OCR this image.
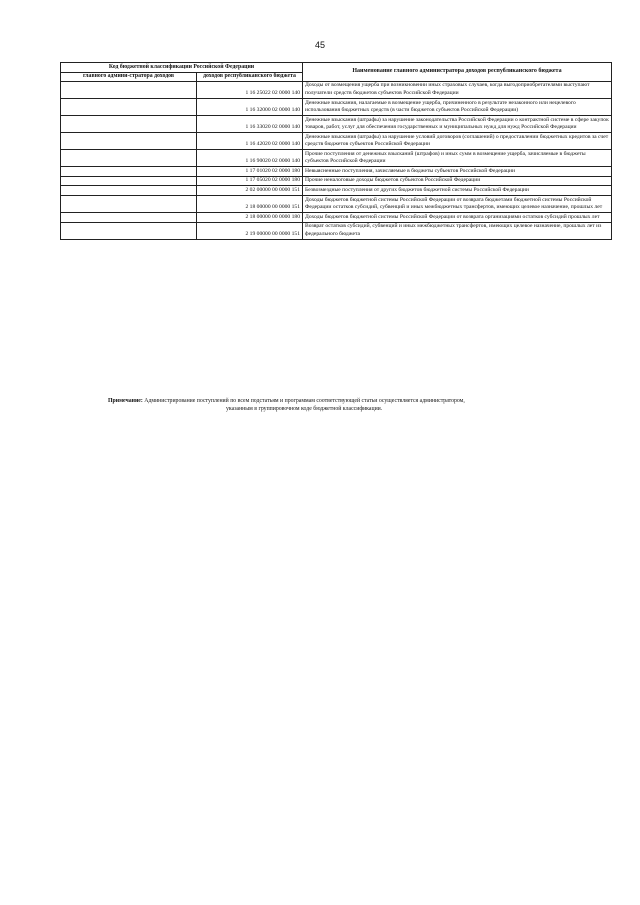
45
Код бюджетной классификации Российской Федерации		Наименование главного администратора доходов республиканского бюджета
главного админи-стратора доходов	доходов республиканского бюджета	
	1 16 25022 02 0000 140	Доходы от возмещения ущерба при возникновении иных страховых случаев, когда выгодоприобретателями выступают получатели средств бюджетов субъектов Российской Федерации
	1 16 32000 02 0000 140	Денежные взыскания, налагаемые в возмещение ущерба, причиненного в результате незаконного или нецелевого использования бюджетных средств (в части бюджетов субъектов Российской Федерации)
	1 16 33020 02 0000 140	Денежные взыскания (штрафы) за нарушение законодательства Российской Федерации о контрактной системе в сфере закупок товаров, работ, услуг для обеспечения государственных и муниципальных нужд для нужд Российской Федерации
	1 16 42020 02 0000 140	Денежные взыскания (штрафы) за нарушение условий договоров (соглашений) о предоставлении бюджетных кредитов за счет средств бюджетов субъектов Российской Федерации
	1 16 90020 02 0000 140	Прочие поступления от денежных взысканий (штрафов) и иных сумм в возмещение ущерба, зачисляемые в бюджеты субъектов Российской Федерации
	1 17 01020 02 0000 180	Невыясненные поступления, зачисляемые в бюджеты субъектов Российской Федерации
	1 17 05020 02 0000 180	Прочие неналоговые доходы бюджетов субъектов Российской Федерации
	2 02 00000 00 0000 151	Безвозмездные поступления от других бюджетов бюджетной системы Российской Федерации
	2 18 00000 00 0000 151	Доходы бюджетов бюджетной системы Российской Федерации от возврата бюджетами бюджетной системы Российской Федерации остатков субсидий, субвенций и иных межбюджетных трансфертов, имеющих целевое назначение, прошлых лет
	2 18 00000 00 0000 180	Доходы бюджетов бюджетной системы Российской Федерации от возврата организациями остатков субсидий прошлых лет
	2 19 00000 00 0000 151	Возврат остатков субсидий, субвенций и иных межбюджетных трансфертов, имеющих целевое назначение, прошлых лет из федерального бюджета
Примечание: Администрирование поступлений по всем подстатьям и программам соответствующей статьи осуществляется администратором,
указанным в группировочном коде бюджетной классификации.
